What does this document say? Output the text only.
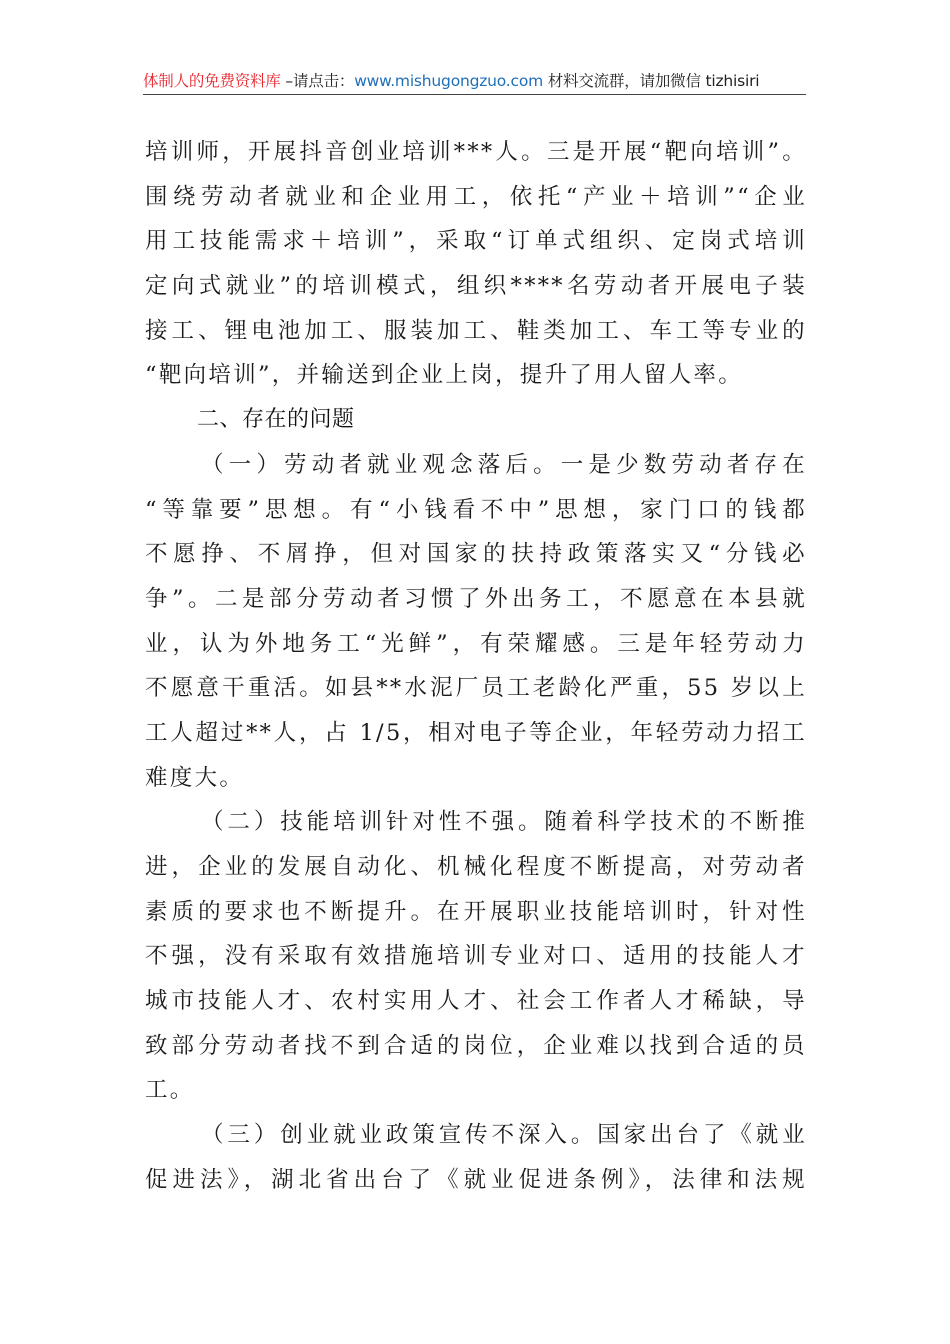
体制人的免费资料库 –请点击：www.mishugongzuo.com 材料交流群，请加微信 tizhisiri
培训师，开展抖音创业培训***人。三是开展“靶向培训”。
围绕劳动者就业和企业用工，依托“产业＋培训”“企业
用工技能需求＋培训”，采取“订单式组织、定岗式培训
定向式就业”的培训模式，组织****名劳动者开展电子装
接工、锂电池加工、服装加工、鞋类加工、车工等专业的
“靶向培训”，并输送到企业上岗，提升了用人留人率。
二、存在的问题
（一）劳动者就业观念落后。一是少数劳动者存在
“等靠要”思想。有“小钱看不中”思想，家门口的钱都
不愿挣、不屑挣，但对国家的扶持政策落实又“分钱必
争”。二是部分劳动者习惯了外出务工，不愿意在本县就
业，认为外地务工“光鲜”，有荣耀感。三是年轻劳动力
不愿意干重活。如县**水泥厂员工老龄化严重，55 岁以上
工人超过**人，占 1/5，相对电子等企业，年轻劳动力招工
难度大。
（二）技能培训针对性不强。随着科学技术的不断推
进，企业的发展自动化、机械化程度不断提高，对劳动者
素质的要求也不断提升。在开展职业技能培训时，针对性
不强，没有采取有效措施培训专业对口、适用的技能人才
城市技能人才、农村实用人才、社会工作者人才稀缺，导
致部分劳动者找不到合适的岗位，企业难以找到合适的员
工。
（三）创业就业政策宣传不深入。国家出台了《就业
促进法》，湖北省出台了《就业促进条例》，法律和法规
